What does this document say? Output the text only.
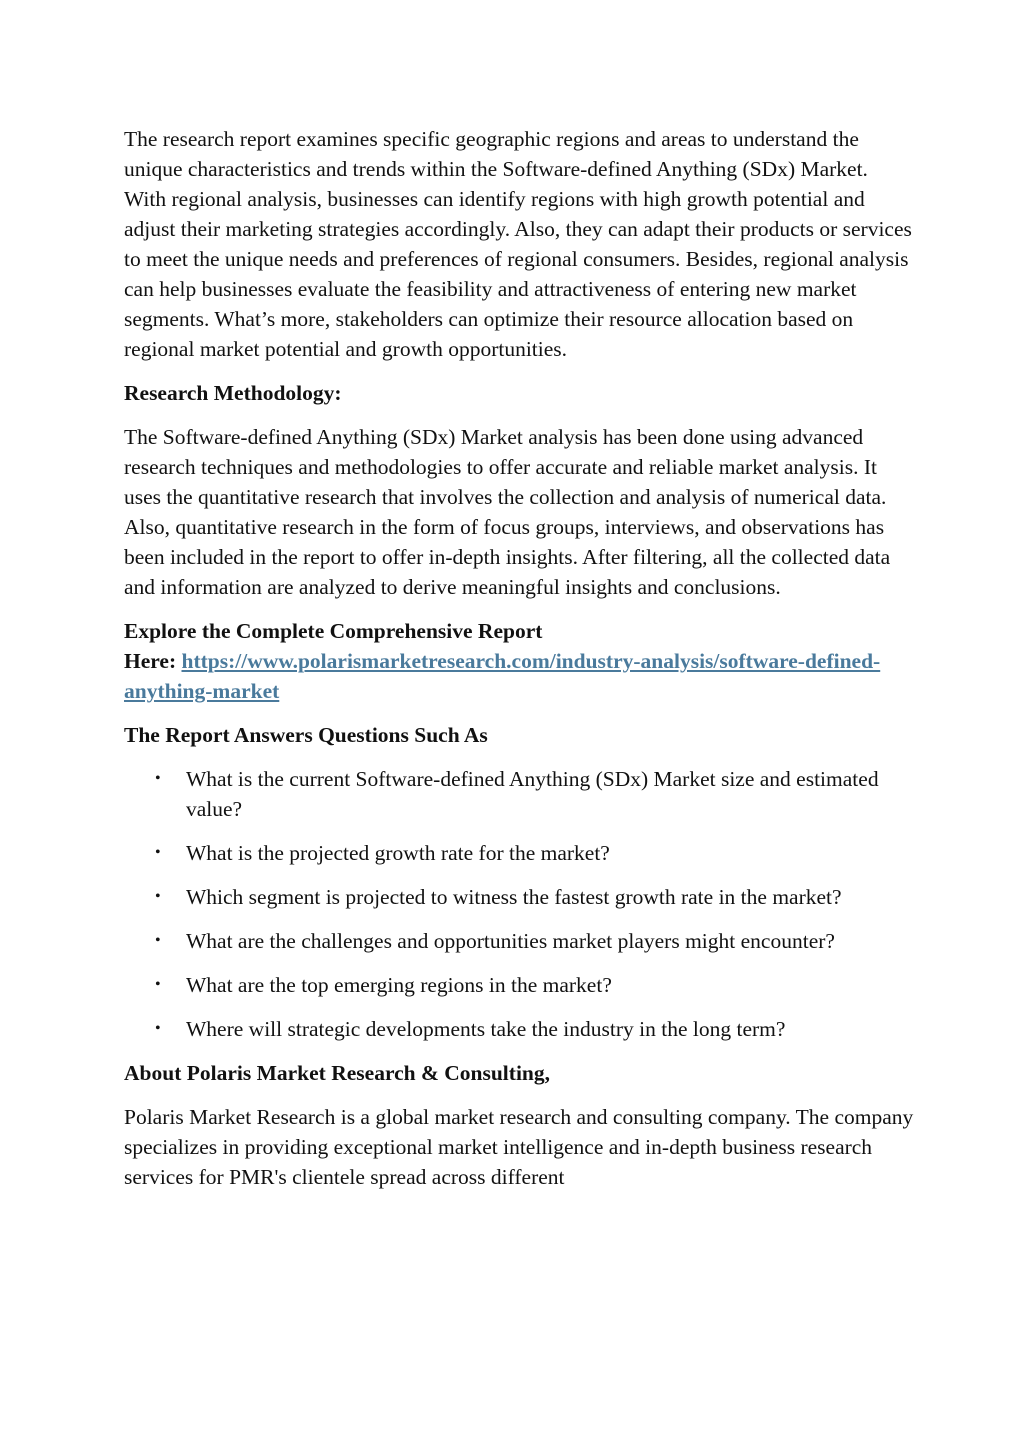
The research report examines specific geographic regions and areas to understand the unique characteristics and trends within the Software-defined Anything (SDx) Market. With regional analysis, businesses can identify regions with high growth potential and adjust their marketing strategies accordingly. Also, they can adapt their products or services to meet the unique needs and preferences of regional consumers. Besides, regional analysis can help businesses evaluate the feasibility and attractiveness of entering new market segments. What’s more, stakeholders can optimize their resource allocation based on regional market potential and growth opportunities.

Research Methodology:

The Software-defined Anything (SDx) Market analysis has been done using advanced research techniques and methodologies to offer accurate and reliable market analysis. It uses the quantitative research that involves the collection and analysis of numerical data. Also, quantitative research in the form of focus groups, interviews, and observations has been included in the report to offer in-depth insights. After filtering, all the collected data and information are analyzed to derive meaningful insights and conclusions.

Explore the Complete Comprehensive Report
Here: https://www.polarismarketresearch.com/industry-analysis/software-defined-anything-market
The Report Answers Questions Such As
• What is the current Software-defined Anything (SDx) Market size and estimated value?
• What is the projected growth rate for the market?
• Which segment is projected to witness the fastest growth rate in the market?
• What are the challenges and opportunities market players might encounter?
• What are the top emerging regions in the market?
• Where will strategic developments take the industry in the long term?
About Polaris Market Research & Consulting,

Polaris Market Research is a global market research and consulting company. The company specializes in providing exceptional market intelligence and in-depth business research services for PMR's clientele spread across different
